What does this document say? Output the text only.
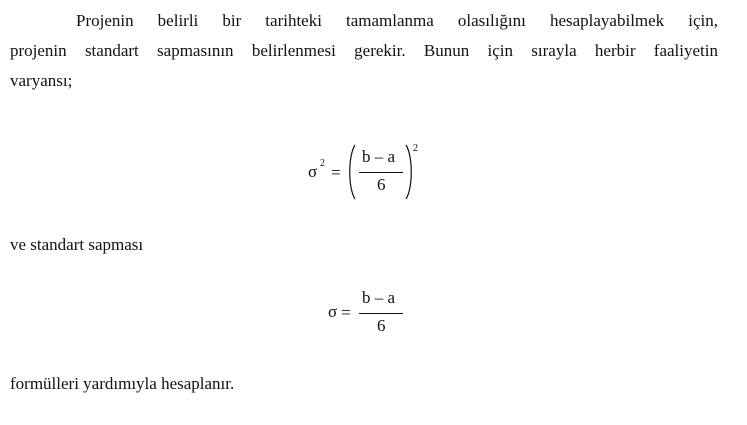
Projenin belirli bir tarihteki tamamlanma olasılığını hesaplayabilmek için,
projenin standart sapmasının belirlenmesi gerekir. Bunun için sırayla herbir faaliyetin
varyansı;

σ 2 =
b – a
6
2

ve standart sapması

σ =
b – a
6

formülleri yardımıyla hesaplanır.
